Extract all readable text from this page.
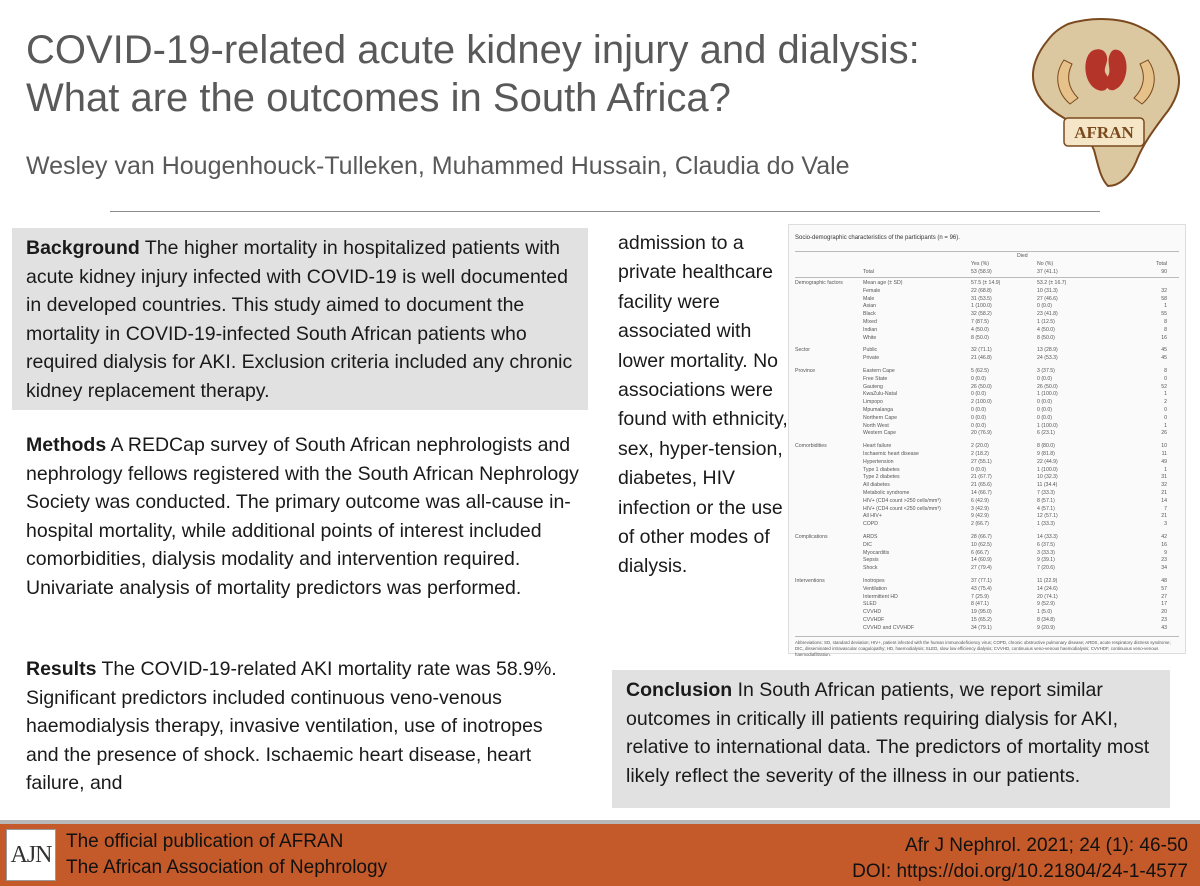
COVID-19-related acute kidney injury and dialysis:
What are the outcomes in South Africa?
Wesley van Hougenhouck-Tulleken, Muhammed Hussain, Claudia do Vale
AFRAN
Background The higher mortality in hospitalized patients with acute kidney injury infected with COVID-19 is well documented in developed countries. This study aimed to document the mortality in COVID-19-infected South African patients who required dialysis for AKI. Exclusion criteria included any chronic kidney replacement therapy.
Methods A REDCap survey of South African nephrologists and nephrology fellows registered with the South African Nephrology Society was conducted. The primary outcome was all-cause in-hospital mortality, while additional points of interest included comorbidities, dialysis modality and intervention required. Univariate analysis of mortality predictors was performed.
Results The COVID-19-related AKI mortality rate was 58.9%. Significant predictors included continuous veno-venous haemodialysis therapy, invasive ventilation, use of inotropes and the presence of shock. Ischaemic heart disease, heart failure, and
admission to a private healthcare facility were associated with lower mortality. No associations were found with ethnicity, sex, hyper-tension, diabetes, HIV infection or the use of other modes of dialysis.
Socio-demographic characteristics of the participants (n = 96).
Died
Yes (%)	No (%)	Total
Total	53 (58.9)	37 (41.1)	90
Demographic factors	Mean age (± SD)	57.5 (± 14.9)	53.2 (± 16.7)
Female	22 (68.8)	10 (31.3)	32
Male	31 (53.5)	27 (46.6)	58
Asian	1 (100.0)	0 (0.0)	1
Black	32 (58.2)	23 (41.8)	55
Mixed	7 (87.5)	1 (12.5)	8
Indian	4 (50.0)	4 (50.0)	8
White	8 (50.0)	8 (50.0)	16
Sector	Public	32 (71.1)	13 (28.9)	45
Private	21 (46.8)	24 (53.3)	45
Province	Eastern Cape	5 (62.5)	3 (37.5)	8
Free State	0 (0.0)	0 (0.0)	0
Gauteng	26 (50.0)	26 (50.0)	52
KwaZulu-Natal	0 (0.0)	1 (100.0)	1
Limpopo	2 (100.0)	0 (0.0)	2
Mpumalanga	0 (0.0)	0 (0.0)	0
Northern Cape	0 (0.0)	0 (0.0)	0
North West	0 (0.0)	1 (100.0)	1
Western Cape	20 (76.9)	6 (23.1)	26
Comorbidities	Heart failure	2 (20.0)	8 (80.0)	10
Ischaemic heart disease	2 (18.2)	9 (81.8)	11
Hypertension	27 (55.1)	22 (44.9)	49
Type 1 diabetes	0 (0.0)	1 (100.0)	1
Type 2 diabetes	21 (67.7)	10 (32.3)	31
All diabetes	21 (65.6)	11 (34.4)	32
Metabolic syndrome	14 (66.7)	7 (33.3)	21
HIV+ (CD4 count >250 cells/mm³)	6 (42.9)	8 (57.1)	14
HIV+ (CD4 count <250 cells/mm³)	3 (42.9)	4 (57.1)	7
All HIV+	9 (42.9)	12 (57.1)	21
COPD	2 (66.7)	1 (33.3)	3
Complications	ARDS	28 (66.7)	14 (33.3)	42
DIC	10 (62.5)	6 (37.5)	16
Myocarditis	6 (66.7)	3 (33.3)	9
Sepsis	14 (60.9)	9 (39.1)	23
Shock	27 (79.4)	7 (20.6)	34
Interventions	Inotropes	37 (77.1)	11 (22.9)	48
Ventilation	43 (75.4)	14 (24.6)	57
Intermittent HD	7 (25.9)	20 (74.1)	27
SLED	8 (47.1)	9 (52.9)	17
CVVHD	19 (95.0)	1 (5.0)	20
CVVHDF	15 (65.2)	8 (34.8)	23
CVVHD and CVVHDF	34 (79.1)	9 (20.9)	43
Abbreviations: SD, standard deviation; HIV+, patient infected with the human immunodeficiency virus; COPD, chronic obstructive pulmonary disease; ARDS, acute respiratory distress syndrome; DIC, disseminated intravascular coagulopathy; HD, haemodialysis; SLED, slow low efficiency dialysis; CVVHD, continuous veno-venous haemodialysis; CVVHDF, continuous veno-venous haemodiafiltration.
Conclusion In South African patients, we report similar outcomes in critically ill patients requiring dialysis for AKI, relative to international data. The predictors of mortality most likely reflect the severity of the illness in our patients.
AJN The official publication of AFRAN
The African Association of Nephrology
Afr J Nephrol. 2021; 24 (1): 46-50
DOI: https://doi.org/10.21804/24-1-4577
